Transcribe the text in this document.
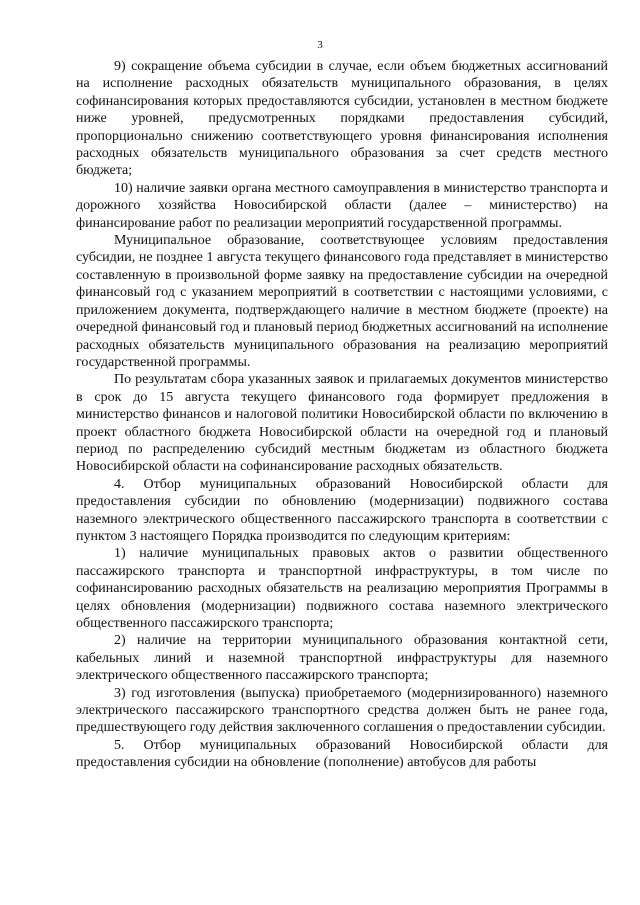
3

9) сокращение объема субсидии в случае, если объем бюджетных ассигнований на исполнение расходных обязательств муниципального образования, в целях софинансирования которых предоставляются субсидии, установлен в местном бюджете ниже уровней, предусмотренных порядками предоставления субсидий, пропорционально снижению соответствующего уровня финансирования исполнения расходных обязательств муниципального образования за счет средств местного бюджета;

10) наличие заявки органа местного самоуправления в министерство транспорта и дорожного хозяйства Новосибирской области (далее – министерство) на финансирование работ по реализации мероприятий государственной программы.

Муниципальное образование, соответствующее условиям предоставления субсидии, не позднее 1 августа текущего финансового года представляет в министерство составленную в произвольной форме заявку на предоставление субсидии на очередной финансовый год с указанием мероприятий в соответствии с настоящими условиями, с приложением документа, подтверждающего наличие в местном бюджете (проекте) на очередной финансовый год и плановый период бюджетных ассигнований на исполнение расходных обязательств муниципального образования на реализацию мероприятий государственной программы.

По результатам сбора указанных заявок и прилагаемых документов министерство в срок до 15 августа текущего финансового года формирует предложения в министерство финансов и налоговой политики Новосибирской области по включению в проект областного бюджета Новосибирской области на очередной год и плановый период по распределению субсидий местным бюджетам из областного бюджета Новосибирской области на софинансирование расходных обязательств.

4. Отбор муниципальных образований Новосибирской области для предоставления субсидии по обновлению (модернизации) подвижного состава наземного электрического общественного пассажирского транспорта в соответствии с пунктом 3 настоящего Порядка производится по следующим критериям:

1) наличие муниципальных правовых актов о развитии общественного пассажирского транспорта и транспортной инфраструктуры, в том числе по софинансированию расходных обязательств на реализацию мероприятия Программы в целях обновления (модернизации) подвижного состава наземного электрического общественного пассажирского транспорта;

2) наличие на территории муниципального образования контактной сети, кабельных линий и наземной транспортной инфраструктуры для наземного электрического общественного пассажирского транспорта;

3) год изготовления (выпуска) приобретаемого (модернизированного) наземного электрического пассажирского транспортного средства должен быть не ранее года, предшествующего году действия заключенного соглашения о предоставлении субсидии.

5. Отбор муниципальных образований Новосибирской области для предоставления субсидии на обновление (пополнение) автобусов для работы
